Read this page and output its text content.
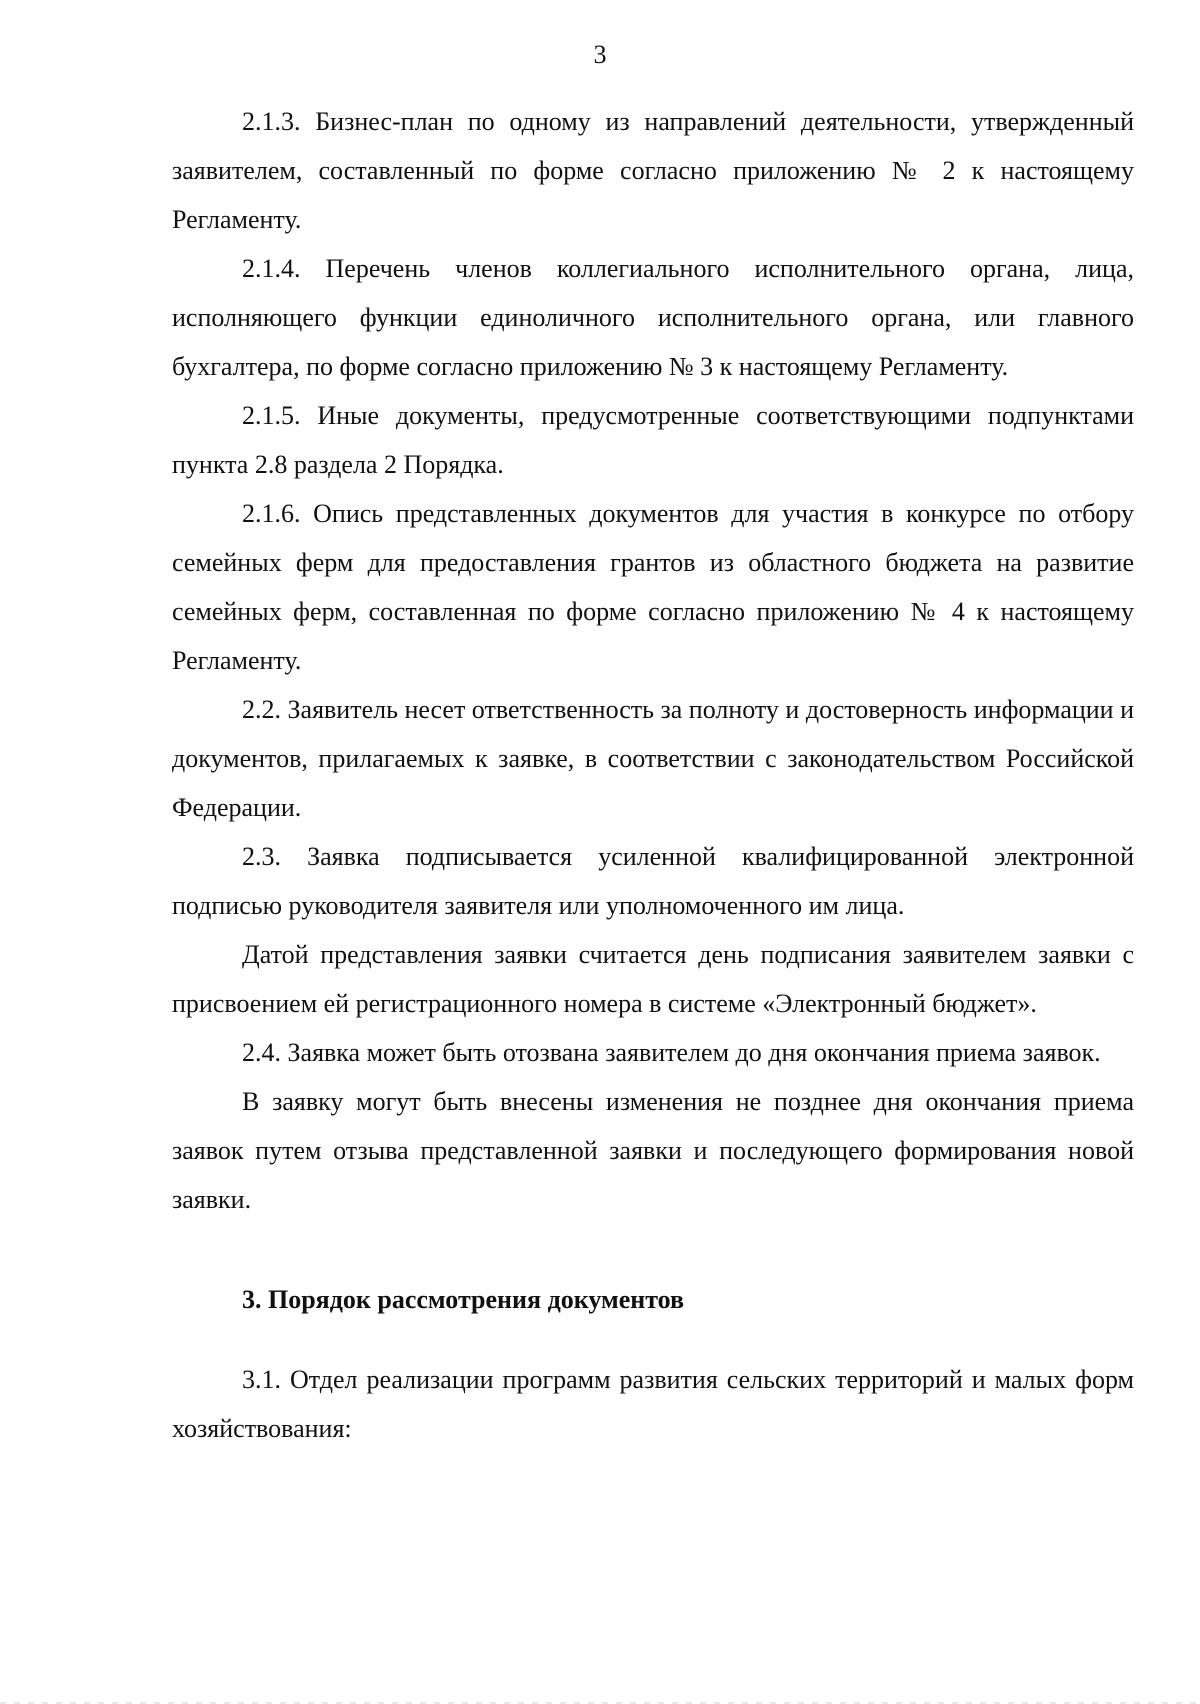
3

2.1.3. Бизнес-план по одному из направлений деятельности, утвержденный заявителем, составленный по форме согласно приложению № 2 к настоящему Регламенту.

2.1.4. Перечень членов коллегиального исполнительного органа, лица, исполняющего функции единоличного исполнительного органа, или главного бухгалтера, по форме согласно приложению № 3 к настоящему Регламенту.

2.1.5. Иные документы, предусмотренные соответствующими подпунктами пункта 2.8 раздела 2 Порядка.

2.1.6. Опись представленных документов для участия в конкурсе по отбору семейных ферм для предоставления грантов из областного бюджета на развитие семейных ферм, составленная по форме согласно приложению № 4 к настоящему Регламенту.

2.2. Заявитель несет ответственность за полноту и достоверность информации и документов, прилагаемых к заявке, в соответствии с законодательством Российской Федерации.

2.3. Заявка подписывается усиленной квалифицированной электронной подписью руководителя заявителя или уполномоченного им лица.

Датой представления заявки считается день подписания заявителем заявки с присвоением ей регистрационного номера в системе «Электронный бюджет».

2.4. Заявка может быть отозвана заявителем до дня окончания приема заявок.

В заявку могут быть внесены изменения не позднее дня окончания приема заявок путем отзыва представленной заявки и последующего формирования новой заявки.

3. Порядок рассмотрения документов

3.1. Отдел реализации программ развития сельских территорий и малых форм хозяйствования:
